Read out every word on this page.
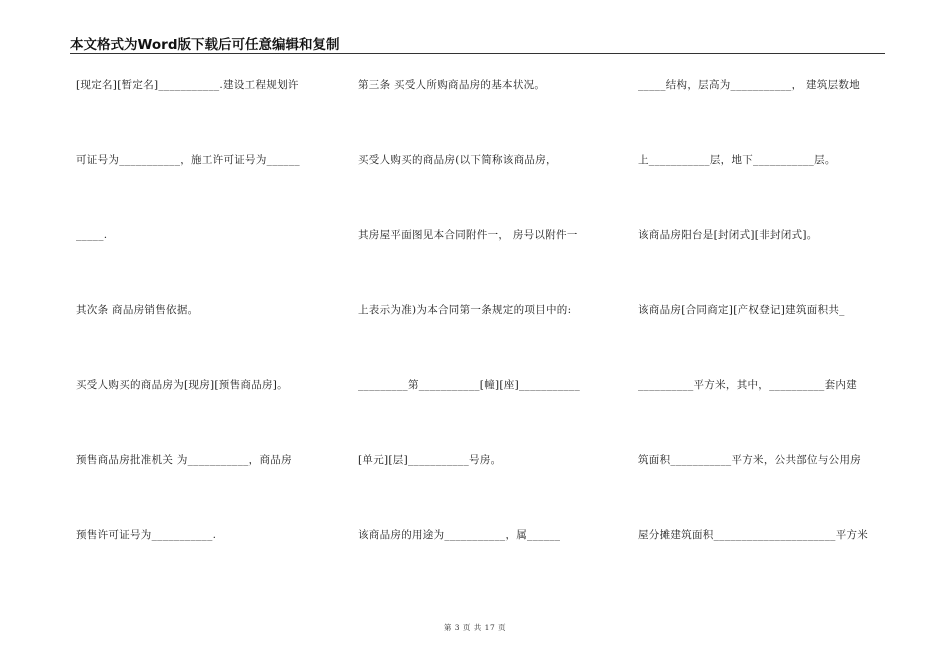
本文格式为Word版下载后可任意编辑和复制
[现定名][暂定名]___________.建设工程规划许
可证号为___________，施工许可证号为______
_____.
其次条 商品房销售依据。
买受人购买的商品房为[现房][预售商品房]。
预售商品房批准机关 为___________，商品房
预售许可证号为___________.
第三条 买受人所购商品房的基本状况。
买受人购买的商品房(以下简称该商品房，
其房屋平面图见本合同附件一， 房号以附件一
上表示为准)为本合同第一条规定的项目中的:
_________第___________[幢][座]___________
[单元][层]___________号房。
该商品房的用途为___________，属______
_____结构，层高为___________， 建筑层数地
上___________层，地下___________层。
该商品房阳台是[封闭式][非封闭式]。
该商品房[合同商定][产权登记]建筑面积共_
__________平方米，其中，__________套内建
筑面积___________平方米，公共部位与公用房
屋分摊建筑面积______________________平方米
第 3 页 共 17 页
